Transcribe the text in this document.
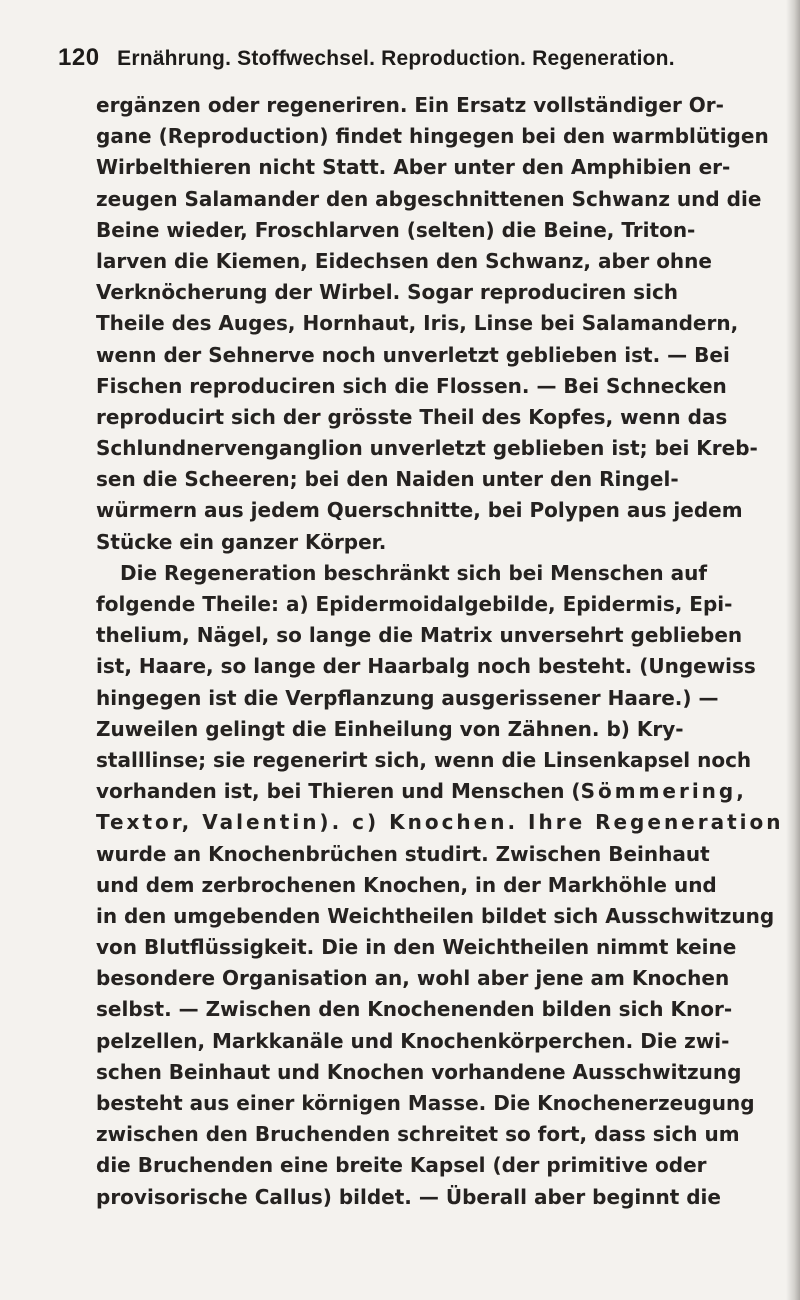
120 Ernährung. Stoffwechsel. Reproduction. Regeneration.
ergänzen oder regeneriren. Ein Ersatz vollständiger Or-
gane (Reproduction) findet hingegen bei den warmblütigen
Wirbelthieren nicht Statt. Aber unter den Amphibien er-
zeugen Salamander den abgeschnittenen Schwanz und die
Beine wieder, Froschlarven (selten) die Beine, Triton-
larven die Kiemen, Eidechsen den Schwanz, aber ohne
Verknöcherung der Wirbel. Sogar reproduciren sich
Theile des Auges, Hornhaut, Iris, Linse bei Salamandern,
wenn der Sehnerve noch unverletzt geblieben ist. — Bei
Fischen reproduciren sich die Flossen. — Bei Schnecken
reproducirt sich der grösste Theil des Kopfes, wenn das
Schlundnervenganglion unverletzt geblieben ist; bei Kreb-
sen die Scheeren; bei den Naiden unter den Ringel-
würmern aus jedem Querschnitte, bei Polypen aus jedem
Stücke ein ganzer Körper.
Die Regeneration beschränkt sich bei Menschen auf
folgende Theile: a) Epidermoidalgebilde, Epidermis, Epi-
thelium, Nägel, so lange die Matrix unversehrt geblieben
ist, Haare, so lange der Haarbalg noch besteht. (Ungewiss
hingegen ist die Verpflanzung ausgerissener Haare.) —
Zuweilen gelingt die Einheilung von Zähnen. b) Kry-
stalllinse; sie regenerirt sich, wenn die Linsenkapsel noch
vorhanden ist, bei Thieren und Menschen (Sömmering,
Textor, Valentin). c) Knochen. Ihre Regeneration
wurde an Knochenbrüchen studirt. Zwischen Beinhaut
und dem zerbrochenen Knochen, in der Markhöhle und
in den umgebenden Weichtheilen bildet sich Ausschwitzung
von Blutflüssigkeit. Die in den Weichtheilen nimmt keine
besondere Organisation an, wohl aber jene am Knochen
selbst. — Zwischen den Knochenenden bilden sich Knor-
pelzellen, Markkanäle und Knochenkörperchen. Die zwi-
schen Beinhaut und Knochen vorhandene Ausschwitzung
besteht aus einer körnigen Masse. Die Knochenerzeugung
zwischen den Bruchenden schreitet so fort, dass sich um
die Bruchenden eine breite Kapsel (der primitive oder
provisorische Callus) bildet. — Überall aber beginnt die
